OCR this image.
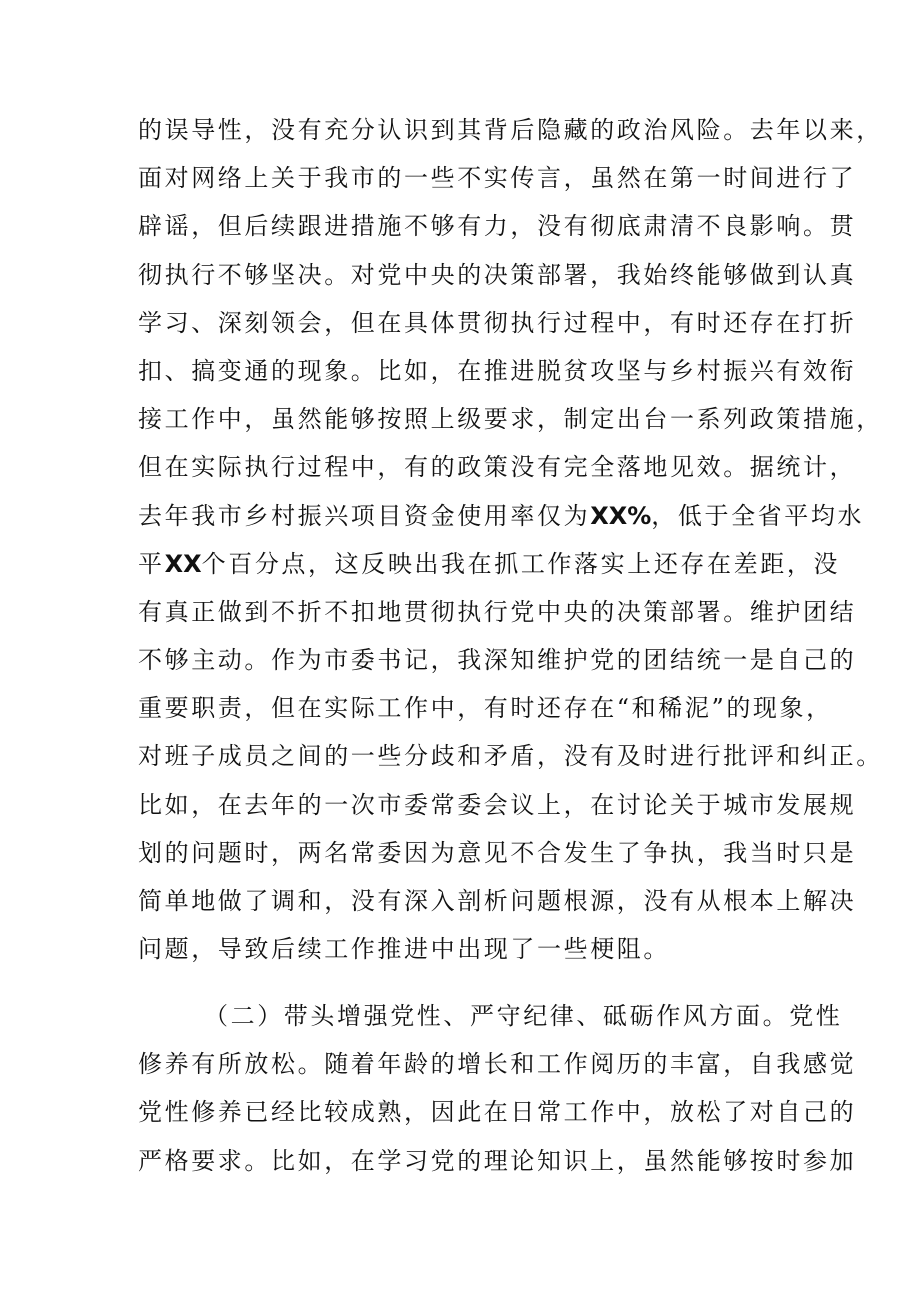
的误导性，没有充分认识到其背后隐藏的政治风险。去年以来，
面对网络上关于我市的一些不实传言，虽然在第一时间进行了
辟谣，但后续跟进措施不够有力，没有彻底肃清不良影响。贯
彻执行不够坚决。对党中央的决策部署，我始终能够做到认真
学习、深刻领会，但在具体贯彻执行过程中，有时还存在打折
扣、搞变通的现象。比如，在推进脱贫攻坚与乡村振兴有效衔
接工作中，虽然能够按照上级要求，制定出台一系列政策措施，
但在实际执行过程中，有的政策没有完全落地见效。据统计，
去年我市乡村振兴项目资金使用率仅为XX%，低于全省平均水
平XX个百分点，这反映出我在抓工作落实上还存在差距，没
有真正做到不折不扣地贯彻执行党中央的决策部署。维护团结
不够主动。作为市委书记，我深知维护党的团结统一是自己的
重要职责，但在实际工作中，有时还存在“和稀泥”的现象，
对班子成员之间的一些分歧和矛盾，没有及时进行批评和纠正。
比如，在去年的一次市委常委会议上，在讨论关于城市发展规
划的问题时，两名常委因为意见不合发生了争执，我当时只是
简单地做了调和，没有深入剖析问题根源，没有从根本上解决
问题，导致后续工作推进中出现了一些梗阻。
（二）带头增强党性、严守纪律、砥砺作风方面。党性
修养有所放松。随着年龄的增长和工作阅历的丰富，自我感觉
党性修养已经比较成熟，因此在日常工作中，放松了对自己的
严格要求。比如，在学习党的理论知识上，虽然能够按时参加
